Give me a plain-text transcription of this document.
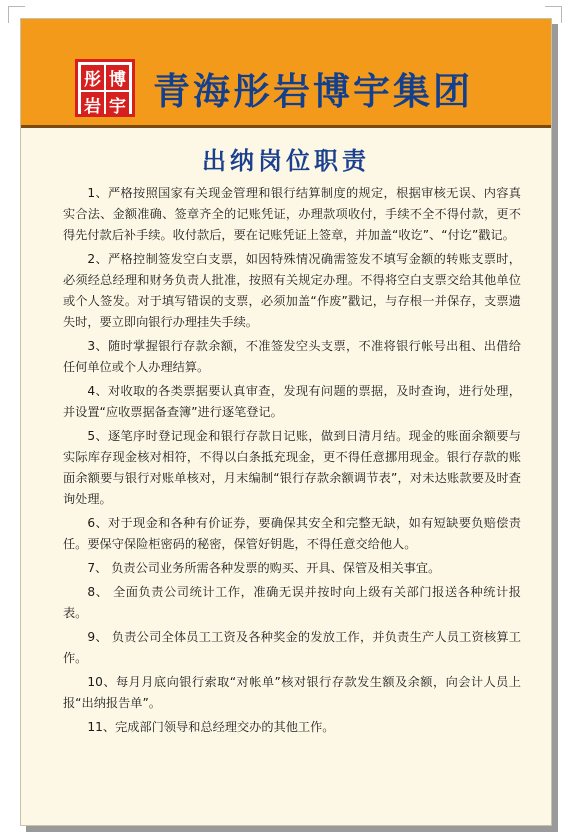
彤 博
岩 宇 青海彤岩博宇集团
出纳岗位职责

1、严格按照国家有关现金管理和银行结算制度的规定，根据审核无误、内容真实合法、金额准确、签章齐全的记账凭证，办理款项收付，手续不全不得付款，更不得先付款后补手续。收付款后，要在记账凭证上签章，并加盖“收讫”、“付讫”戳记。

2、严格控制签发空白支票，如因特殊情况确需签发不填写金额的转账支票时，必须经总经理和财务负责人批准，按照有关规定办理。不得将空白支票交给其他单位或个人签发。对于填写错误的支票，必须加盖“作废”戳记，与存根一并保存，支票遗失时，要立即向银行办理挂失手续。

3、随时掌握银行存款余额，不准签发空头支票，不准将银行帐号出租、出借给任何单位或个人办理结算。

4、对收取的各类票据要认真审查，发现有问题的票据，及时查询，进行处理，并设置“应收票据备查簿”进行逐笔登记。

5、逐笔序时登记现金和银行存款日记账，做到日清月结。现金的账面余额要与实际库存现金核对相符，不得以白条抵充现金，更不得任意挪用现金。银行存款的账面余额要与银行对账单核对，月末编制“银行存款余额调节表”，对未达账款要及时查询处理。

6、对于现金和各种有价证券，要确保其安全和完整无缺，如有短缺要负赔偿责任。要保守保险柜密码的秘密，保管好钥匙，不得任意交给他人。

7、 负责公司业务所需各种发票的购买、开具、保管及相关事宜。

8、 全面负责公司统计工作，准确无误并按时向上级有关部门报送各种统计报表。

9、 负责公司全体员工工资及各种奖金的发放工作，并负责生产人员工资核算工作。

10、每月月底向银行索取“对帐单”核对银行存款发生额及余额，向会计人员上报“出纳报告单”。

11、完成部门领导和总经理交办的其他工作。
